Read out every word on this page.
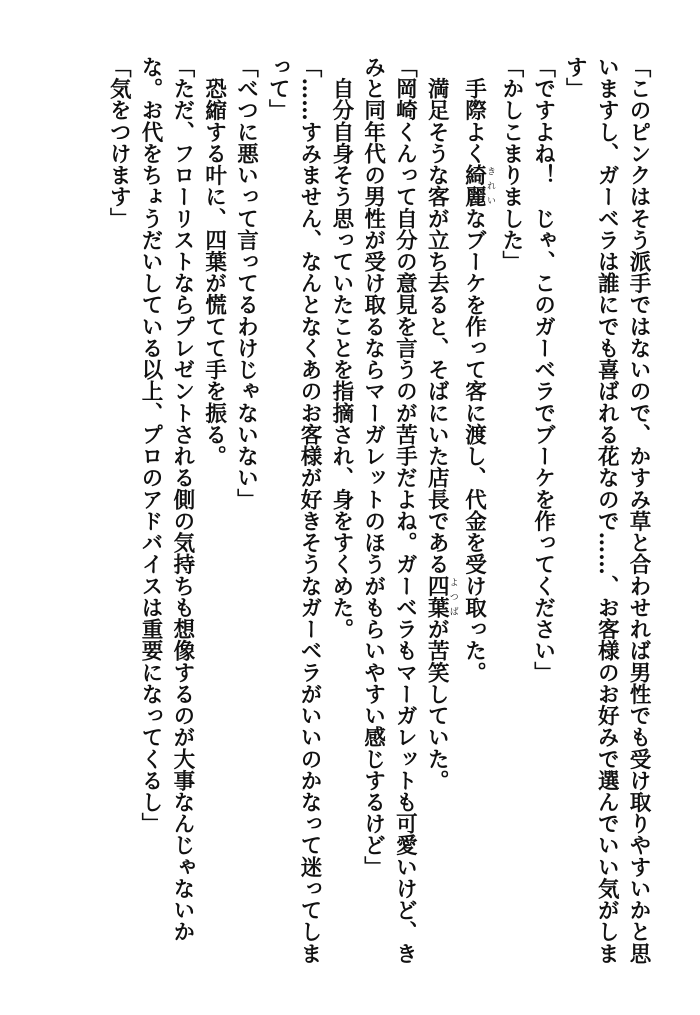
「このピンクはそう派手ではないので、かすみ草と合わせれば男性でも受け取りやすいかと思

いますし、ガーベラは誰にでも喜ばれる花なので……、お客様のお好みで選んでいい気がしま

す」

「ですよね！　じゃ、このガーベラでブーケを作ってください」

「かしこまりました」

　手際よく綺麗きれいなブーケを作って客に渡し、代金を受け取った。

　満足そうな客が立ち去ると、そばにいた店長である四葉よつばが苦笑していた。

「岡崎くんって自分の意見を言うのが苦手だよね。ガーベラもマーガレットも可愛いけど、き

みと同年代の男性が受け取るならマーガレットのほうがもらいやすい感じするけど」

　自分自身そう思っていたことを指摘され、身をすくめた。

「……すみません、なんとなくあのお客様が好きそうなガーベラがいいのかなって迷ってしま

って」

「べつに悪いって言ってるわけじゃないない」

　恐縮する叶に、四葉が慌てて手を振る。

「ただ、フローリストならプレゼントされる側の気持ちも想像するのが大事なんじゃないか

な。お代をちょうだいしている以上、プロのアドバイスは重要になってくるし」

「気をつけます」
